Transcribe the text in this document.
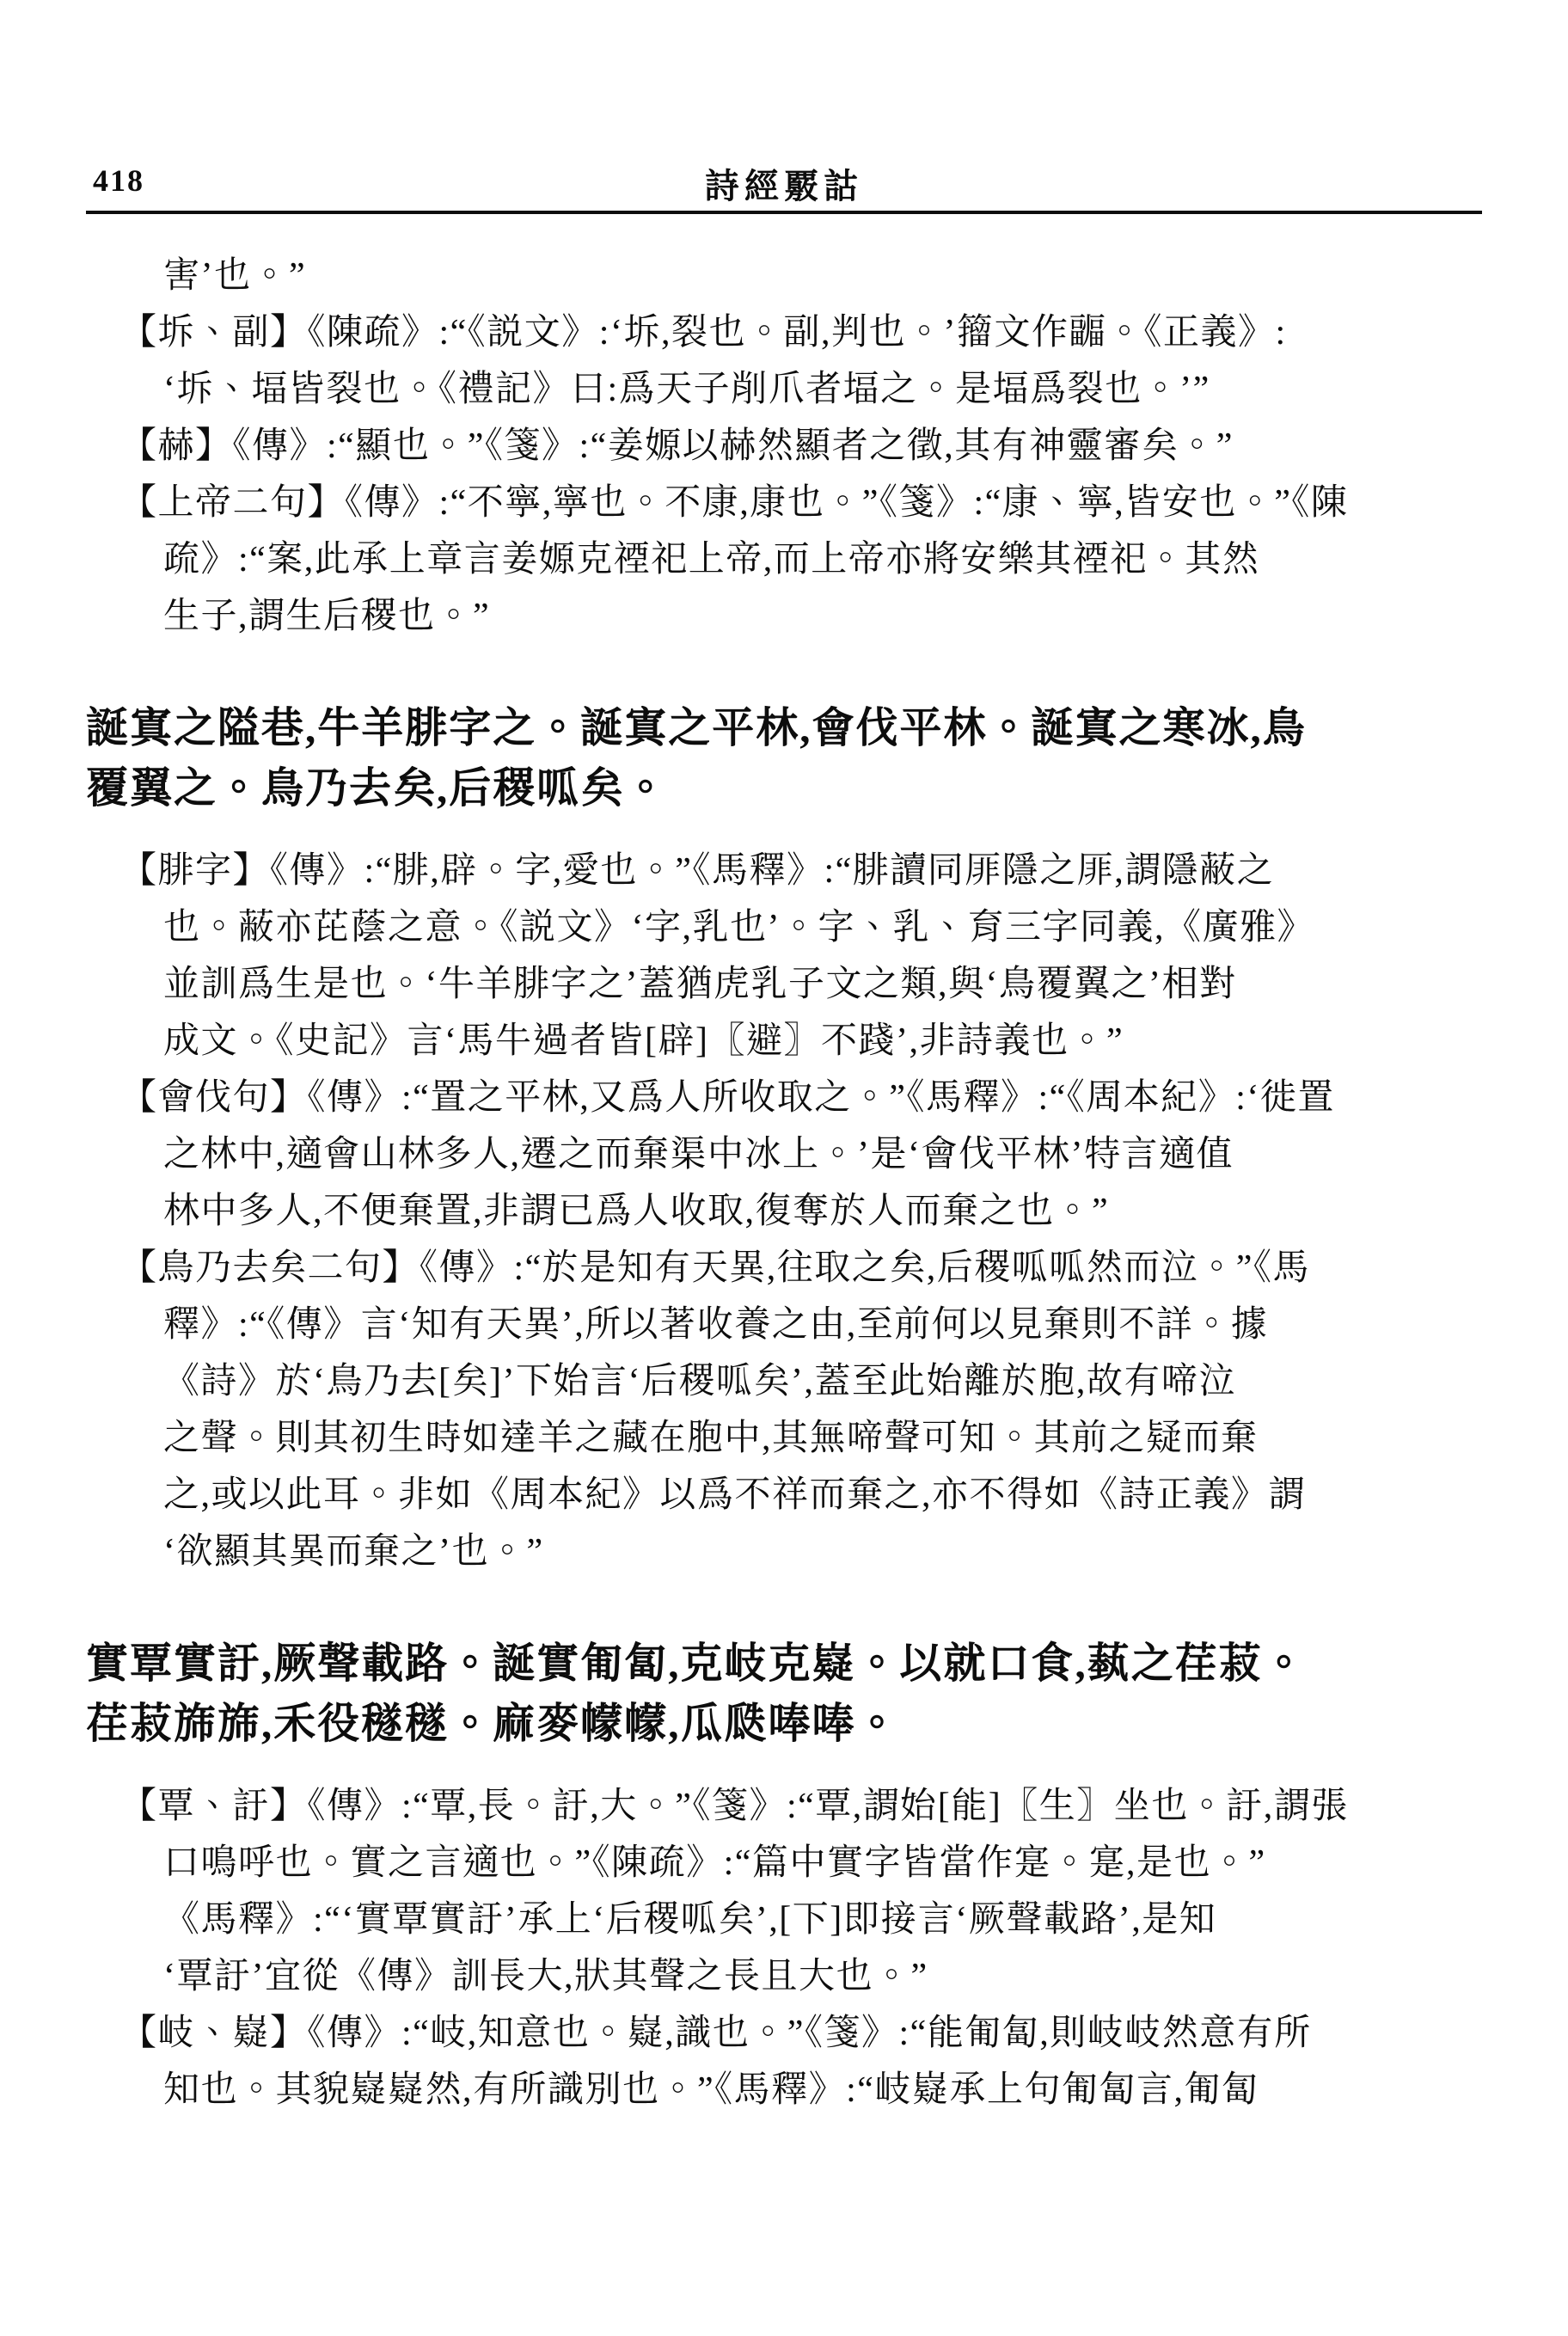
418	詩經覈詁
害’也。”
【坼、副】《陳疏》:“《説文》:‘坼,裂也。副,判也。’籀文作疈。《正義》:
‘坼、堛皆裂也。《禮記》曰:爲天子削爪者堛之。是堛爲裂也。’”
【赫】《傳》:“顯也。”《箋》:“姜嫄以赫然顯者之徵,其有神靈審矣。”
【上帝二句】《傳》:“不寧,寧也。不康,康也。”《箋》:“康、寧,皆安也。”《陳
疏》:“案,此承上章言姜嫄克禋祀上帝,而上帝亦將安樂其禋祀。其然
生子,謂生后稷也。”
誕寘之隘巷,牛羊腓字之。誕寘之平林,會伐平林。誕寘之寒冰,鳥
覆翼之。鳥乃去矣,后稷呱矣。
【腓字】《傳》:“腓,辟。字,愛也。”《馬釋》:“腓讀同厞隱之厞,謂隱蔽之
也。蔽亦芘蔭之意。《説文》‘字,乳也’。字、乳、育三字同義,《廣雅》
並訓爲生是也。‘牛羊腓字之’蓋猶虎乳子文之類,與‘鳥覆翼之’相對
成文。《史記》言‘馬牛過者皆[辟]〖避〗不踐’,非詩義也。”
【會伐句】《傳》:“置之平林,又爲人所收取之。”《馬釋》:“《周本紀》:‘徙置
之林中,適會山林多人,遷之而棄渠中冰上。’是‘會伐平林’特言適值
林中多人,不便棄置,非謂已爲人收取,復奪於人而棄之也。”
【鳥乃去矣二句】《傳》:“於是知有天異,往取之矣,后稷呱呱然而泣。”《馬
釋》:“《傳》言‘知有天異’,所以著收養之由,至前何以見棄則不詳。據
《詩》於‘鳥乃去[矣]’下始言‘后稷呱矣’,蓋至此始離於胞,故有啼泣
之聲。則其初生時如達羊之藏在胞中,其無啼聲可知。其前之疑而棄
之,或以此耳。非如《周本紀》以爲不祥而棄之,亦不得如《詩正義》謂
‘欲顯其異而棄之’也。”
實覃實訏,厥聲載路。誕實匍匐,克岐克嶷。以就口食,蓺之荏菽。
荏菽旆旆,禾役穟穟。麻麥幪幪,瓜瓞唪唪。
【覃、訏】《傳》:“覃,長。訏,大。”《箋》:“覃,謂始[能]〖生〗坐也。訏,謂張
口鳴呼也。實之言適也。”《陳疏》:“篇中實字皆當作寔。寔,是也。”
《馬釋》:“‘實覃實訏’承上‘后稷呱矣’,[下]即接言‘厥聲載路’,是知
‘覃訏’宜從《傳》訓長大,狀其聲之長且大也。”
【岐、嶷】《傳》:“岐,知意也。嶷,識也。”《箋》:“能匍匐,則岐岐然意有所
知也。其貌嶷嶷然,有所識別也。”《馬釋》:“岐嶷承上句匍匐言,匍匐
